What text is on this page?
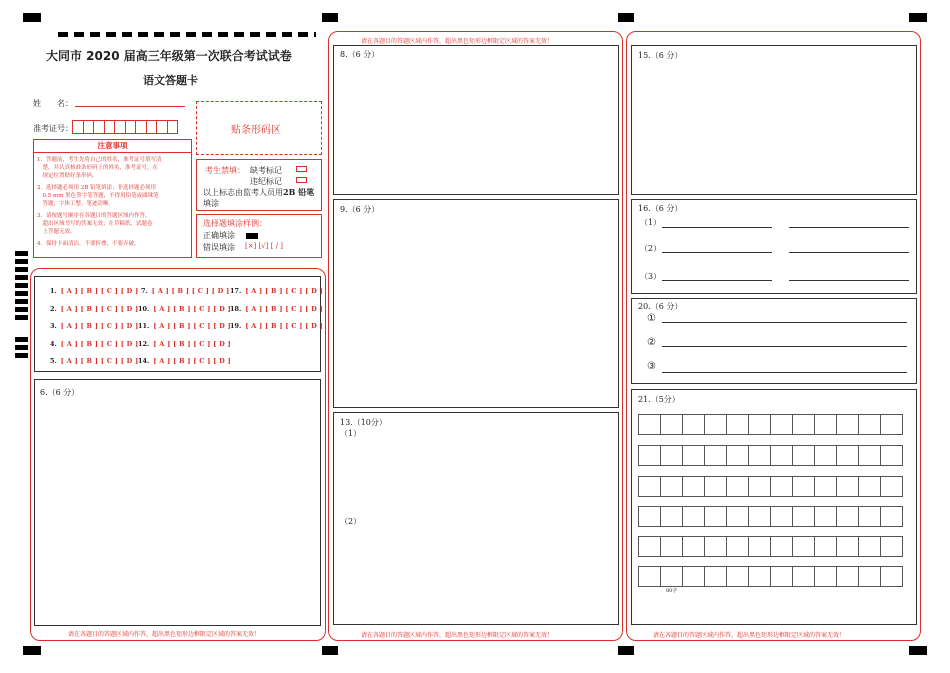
大同市 2020 届高三年级第一次联合考试试卷
语文答题卡
姓　　名：
准考证号：	贴条形码区
注意事项
1．答题前，考生先将自己的姓名，准考证号填写清
　楚，并认真核准条形码上的姓名、准考证号，在
　规定位置贴好条形码。
2．选择题必须用 2B 铅笔填涂；非选择题必须用
　0.5 mm 黑色签字笔答题，不得用铅笔或圆珠笔
　答题；字体工整、笔迹清晰。
3．请按题号顺序在各题目的答题区域内作答，
　超出区域书写的答案无效；在草稿纸、试题卷
　上答题无效。
4．保持卡面清洁，不要折叠、不要弄破。
考生禁填： 缺考标记
违纪标记
以上标志由监考人员用2B 铅笔
填涂
选择题填涂样例：
正确填涂
错误填涂 [×] [√] [ / ]
1. [ A ] [ B ] [ C ] [ D ]
2. [ A ] [ B ] [ C ] [ D ]
3. [ A ] [ B ] [ C ] [ D ]
4. [ A ] [ B ] [ C ] [ D ]
5. [ A ] [ B ] [ C ] [ D ]
7. [ A ] [ B ] [ C ] [ D ]
10. [ A ] [ B ] [ C ] [ D ]
11. [ A ] [ B ] [ C ] [ D ]
12. [ A ] [ B ] [ C ] [ D ]
14. [ A ] [ B ] [ C ] [ D ]
17. [ A ] [ B ] [ C ] [ D ]
18. [ A ] [ B ] [ C ] [ D ]
19. [ A ] [ B ] [ C ] [ D ]
6.（6 分）
请在各题目的答题区域内作答，超出黑色矩形边框限定区域的答案无效！
请在各题目的答题区域内作答，超出黑色矩形边框限定区域的答案无效！
8.（6 分）
9.（6 分）
13.（10分）
（1）
（2）
请在各题目的答题区域内作答，超出黑色矩形边框限定区域的答案无效！
15.（6 分）
16.（6 分）
（1）
（2）
（3）
20.（6 分）
①
②
③
21.（5分）
80字
请在各题目的答题区域内作答，超出黑色矩形边框限定区域的答案无效！
